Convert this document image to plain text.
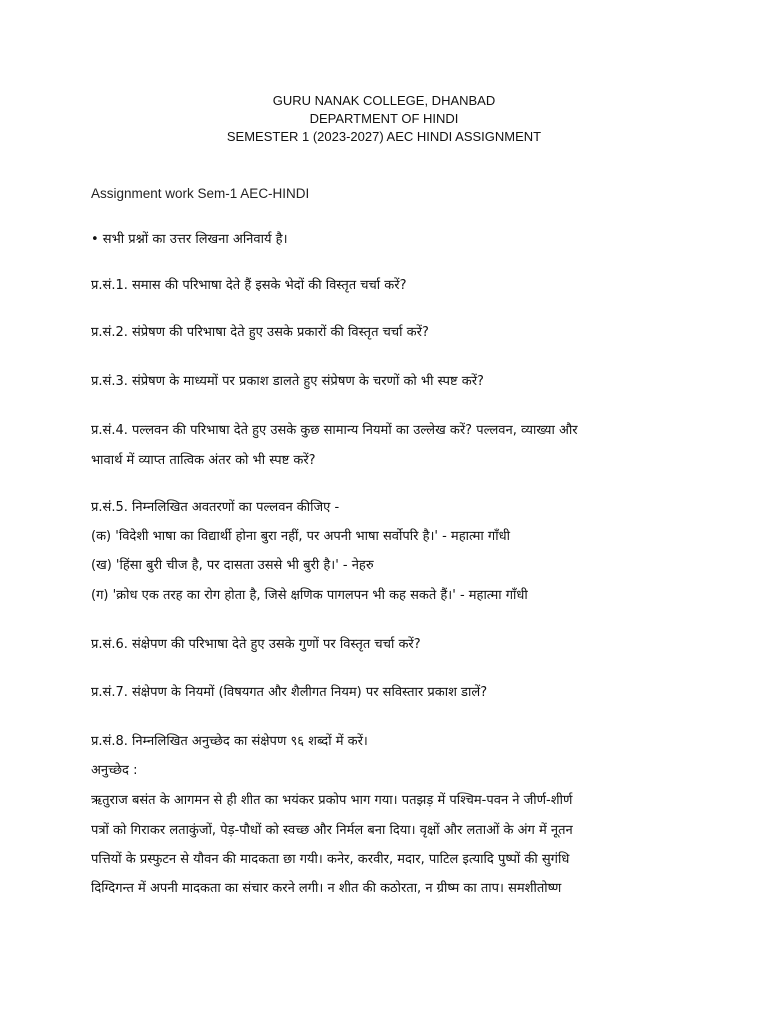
GURU NANAK COLLEGE, DHANBAD
DEPARTMENT OF HINDI
SEMESTER 1 (2023-2027) AEC HINDI ASSIGNMENT
Assignment work Sem-1 AEC-HINDI
• सभी प्रश्नों का उत्तर लिखना अनिवार्य है।
प्र.सं.1. समास की परिभाषा देते हैं इसके भेदों की विस्तृत चर्चा करें?
प्र.सं.2. संप्रेषण की परिभाषा देते हुए उसके प्रकारों की विस्तृत चर्चा करें?
प्र.सं.3. संप्रेषण के माध्यमों पर प्रकाश डालते हुए संप्रेषण के चरणों को भी स्पष्ट करें?
प्र.सं.4. पल्लवन की परिभाषा देते हुए उसके कुछ सामान्य नियमों का उल्लेख करें? पल्लवन, व्याख्या और
भावार्थ में व्याप्त तात्विक अंतर को भी स्पष्ट करें?
प्र.सं.5. निम्नलिखित अवतरणों का पल्लवन कीजिए -
(क) 'विदेशी भाषा का विद्यार्थी होना बुरा नहीं, पर अपनी भाषा सर्वोपरि है।' - महात्मा गाँधी
(ख) 'हिंसा बुरी चीज है, पर दासता उससे भी बुरी है।' - नेहरु
(ग) 'क्रोध एक तरह का रोग होता है, जिसे क्षणिक पागलपन भी कह सकते हैं।' - महात्मा गाँधी
प्र.सं.6. संक्षेपण की परिभाषा देते हुए उसके गुणों पर विस्तृत चर्चा करें?
प्र.सं.7. संक्षेपण के नियमों (विषयगत और शैलीगत नियम) पर सविस्तार प्रकाश डालें?
प्र.सं.8. निम्नलिखित अनुच्छेद का संक्षेपण ९६ शब्दों में करें।
अनुच्छेद :
ऋतुराज बसंत के आगमन से ही शीत का भयंकर प्रकोप भाग गया। पतझड़ में पश्चिम-पवन ने जीर्ण-शीर्ण
पत्रों को गिराकर लताकुंजों, पेड़-पौधों को स्वच्छ और निर्मल बना दिया। वृक्षों और लताओं के अंग में नूतन
पत्तियों के प्रस्फुटन से यौवन की मादकता छा गयी। कनेर, करवीर, मदार, पाटिल इत्यादि पुष्पों की सुगंधि
दिग्दिगन्त में अपनी मादकता का संचार करने लगी। न शीत की कठोरता, न ग्रीष्म का ताप। समशीतोष्ण
